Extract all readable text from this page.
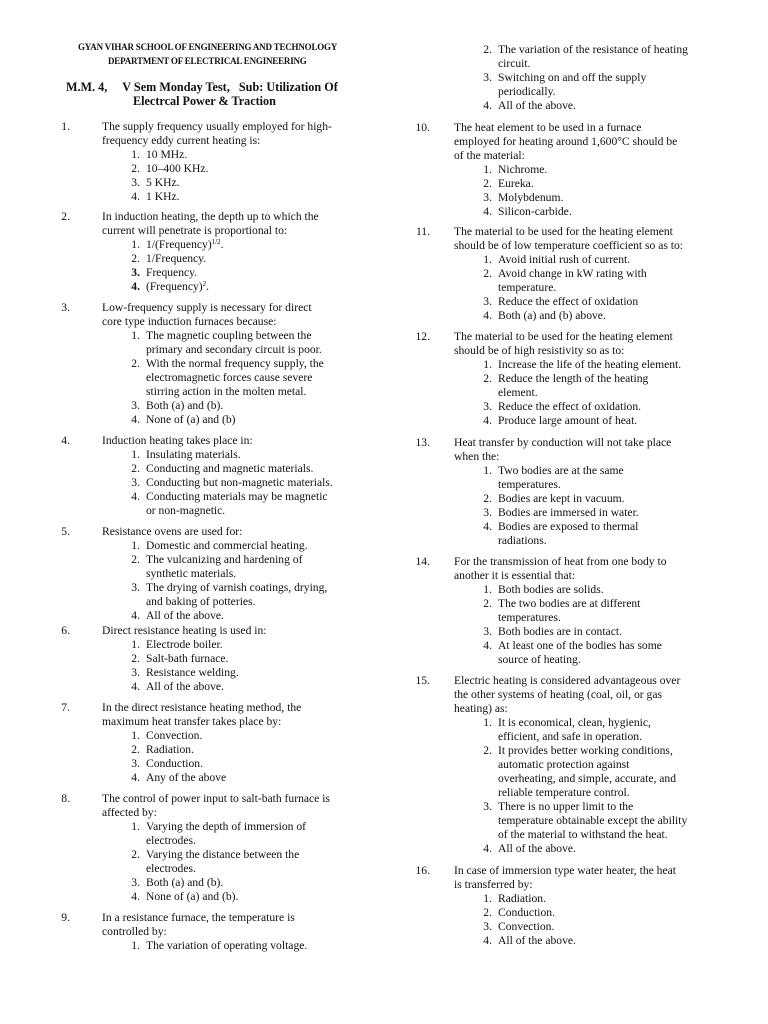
GYAN VIHAR SCHOOL OF ENGINEERING AND TECHNOLOGY
DEPARTMENT OF ELECTRICAL ENGINEERING
M.M. 4,     V Sem Monday Test,   Sub: Utilization Of
Electrcal Power & Traction
1.	The supply frequency usually employed for high-
frequency eddy current heating is:
1. 10 MHz.
2. 10–400 KHz.
3. 5 KHz.
4. 1 KHz.
2.	In induction heating, the depth up to which the
current will penetrate is proportional to:
1. 1/(Frequency)$^{1/2}$.
2. 1/Frequency.
3. Frequency.
4. (Frequency)$^2$.
3.	Low-frequency supply is necessary for direct
core type induction furnaces because:
1. The magnetic coupling between the
primary and secondary circuit is poor.
2. With the normal frequency supply, the
electromagnetic forces cause severe
stirring action in the molten metal.
3. Both (a) and (b).
4. None of (a) and (b)
4.	Induction heating takes place in:
1. Insulating materials.
2. Conducting and magnetic materials.
3. Conducting but non-magnetic materials.
4. Conducting materials may be magnetic
or non-magnetic.
5.	Resistance ovens are used for:
1. Domestic and commercial heating.
2. The vulcanizing and hardening of
synthetic materials.
3. The drying of varnish coatings, drying,
and baking of potteries.
4. All of the above.
6.	Direct resistance heating is used in:
1. Electrode boiler.
2. Salt-bath furnace.
3. Resistance welding.
4. All of the above.
7.	In the direct resistance heating method, the
maximum heat transfer takes place by:
1. Convection.
2. Radiation.
3. Conduction.
4. Any of the above
8.	The control of power input to salt-bath furnace is
affected by:
1. Varying the depth of immersion of
electrodes.
2. Varying the distance between the
electrodes.
3. Both (a) and (b).
4. None of (a) and (b).
9.	In a resistance furnace, the temperature is
controlled by:
1. The variation of operating voltage.
2. The variation of the resistance of heating
circuit.
3. Switching on and off the supply
periodically.
4. All of the above.
10. The heat element to be used in a furnace
employed for heating around 1,600°C should be
of the material:
1. Nichrome.
2. Eureka.
3. Molybdenum.
4. Silicon-carbide.
11. The material to be used for the heating element
should be of low temperature coefficient so as to:
1. Avoid initial rush of current.
2. Avoid change in kW rating with
temperature.
3. Reduce the effect of oxidation
4. Both (a) and (b) above.
12. The material to be used for the heating element
should be of high resistivity so as to:
1. Increase the life of the heating element.
2. Reduce the length of the heating
element.
3. Reduce the effect of oxidation.
4. Produce large amount of heat.
13. Heat transfer by conduction will not take place
when the:
1. Two bodies are at the same
temperatures.
2. Bodies are kept in vacuum.
3. Bodies are immersed in water.
4. Bodies are exposed to thermal
radiations.
14. For the transmission of heat from one body to
another it is essential that:
1. Both bodies are solids.
2. The two bodies are at different
temperatures.
3. Both bodies are in contact.
4. At least one of the bodies has some
source of heating.
15. Electric heating is considered advantageous over
the other systems of heating (coal, oil, or gas
heating) as:
1. It is economical, clean, hygienic,
efficient, and safe in operation.
2. It provides better working conditions,
automatic protection against
overheating, and simple, accurate, and
reliable temperature control.
3. There is no upper limit to the
temperature obtainable except the ability
of the material to withstand the heat.
4. All of the above.
16. In case of immersion type water heater, the heat
is transferred by:
1. Radiation.
2. Conduction.
3. Convection.
4. All of the above.
